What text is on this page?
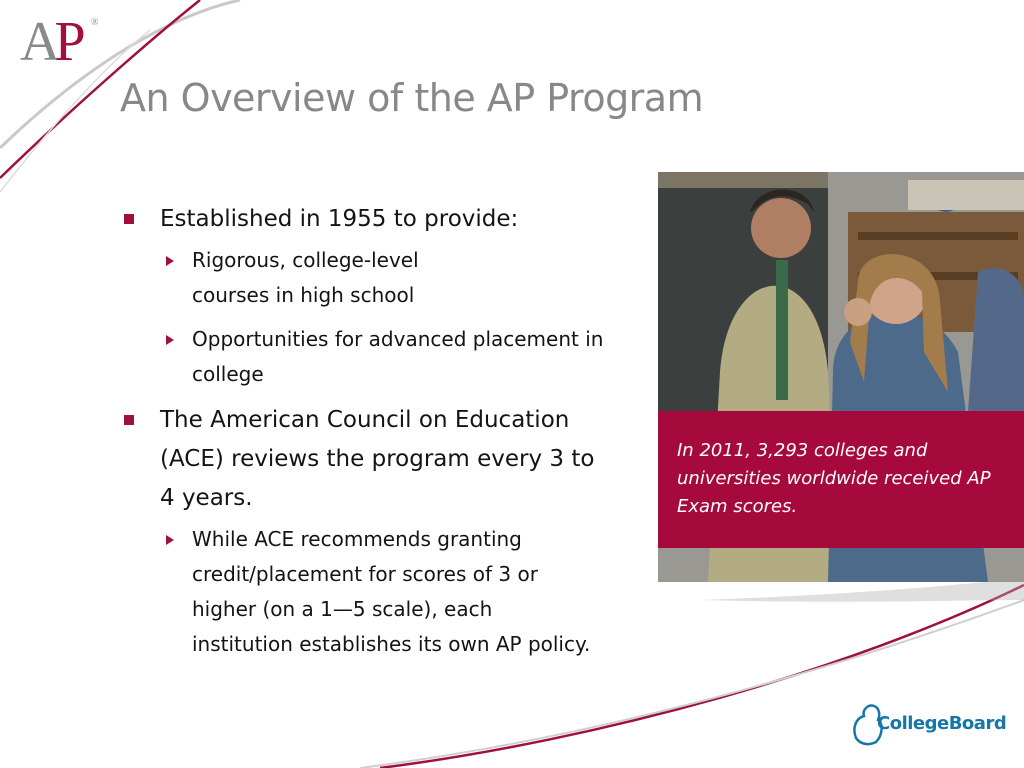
AP ®
An Overview of the AP Program
Established in 1955 to provide:
Rigorous, college-level courses in high school
Opportunities for advanced placement in college
The American Council on Education (ACE) reviews the program every 3 to 4 years.
While ACE recommends granting credit/placement for scores of 3 or higher (on a 1—5 scale), each institution establishes its own AP policy.
In 2011, 3,293 colleges and universities worldwide received AP Exam scores.
CollegeBoard
